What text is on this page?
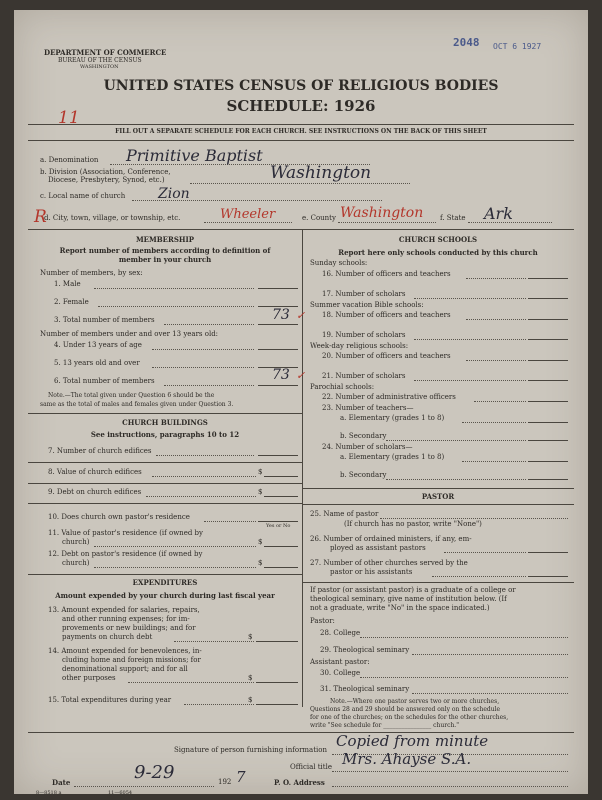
DEPARTMENT OF COMMERCE
BUREAU OF THE CENSUS
WASHINGTON
2048 OCT 6 1927
UNITED STATES CENSUS OF RELIGIOUS BODIES
SCHEDULE: 1926
11
FILL OUT A SEPARATE SCHEDULE FOR EACH CHURCH. SEE INSTRUCTIONS ON THE BACK OF THIS SHEET
a. Denomination Primitive Baptist
b. Division (Association, Conference,
Diocese, Presbytery, Synod, etc.)	Washington
c. Local name of church Zion
R
d. City, town, village, or township, etc.	Wheeler	e. County Washington f. State Ark
MEMBERSHIP
Report number of members according to definition of
member in your church
Number of members, by sex:
1. Male
2. Female
3. Total number of members	73 ✓
Number of members under and over 13 years old:
4. Under 13 years of age
5. 13 years old and over
6. Total number of members	73 ✓
Note.—The total given under Question 6 should be the
same as the total of males and females given under Question 3.
CHURCH BUILDINGS
See instructions, paragraphs 10 to 12
7. Number of church edifices
8. Value of church edifices	$
9. Debt on church edifices	$
10. Does church own pastor's residence
Yes or No
11. Value of pastor's residence (if owned by
church)	$
12. Debt on pastor's residence (if owned by
church)	$
EXPENDITURES
Amount expended by your church during last fiscal year
13. Amount expended for salaries, repairs,
and other running expenses; for im-
provements or new buildings; and for
payments on church debt	$
14. Amount expended for benevolences, in-
cluding home and foreign missions; for
denominational support; and for all
other purposes	$
15. Total expenditures during year	$
CHURCH SCHOOLS
Report here only schools conducted by this church
Sunday schools:
16. Number of officers and teachers
17. Number of scholars
Summer vacation Bible schools:
18. Number of officers and teachers
19. Number of scholars
Week-day religious schools:
20. Number of officers and teachers
21. Number of scholars
Parochial schools:
22. Number of administrative officers
23. Number of teachers—
a. Elementary (grades 1 to 8)
b. Secondary
24. Number of scholars—
a. Elementary (grades 1 to 8)
b. Secondary
PASTOR
25. Name of pastor
(If church has no pastor, write "None")
26. Number of ordained ministers, if any, em-
ployed as assistant pastors
27. Number of other churches served by the
pastor or his assistants
If pastor (or assistant pastor) is a graduate of a college or
theological seminary, give name of institution below. (If
not a graduate, write "No" in the space indicated.)
Pastor:
28. College
29. Theological seminary
Assistant pastor:
30. College
31. Theological seminary
Note.—Where one pastor serves two or more churches,
Questions 28 and 29 should be answered only on the schedule
for one of the churches; on the schedules for the other churches,
write "See schedule for ________________ church."
Signature of person furnishing information Copied from minute
Official title Mrs. Ahayse S.A.
Date	9-29	192 7	P. O. Address
8—8518 a	11—6054
